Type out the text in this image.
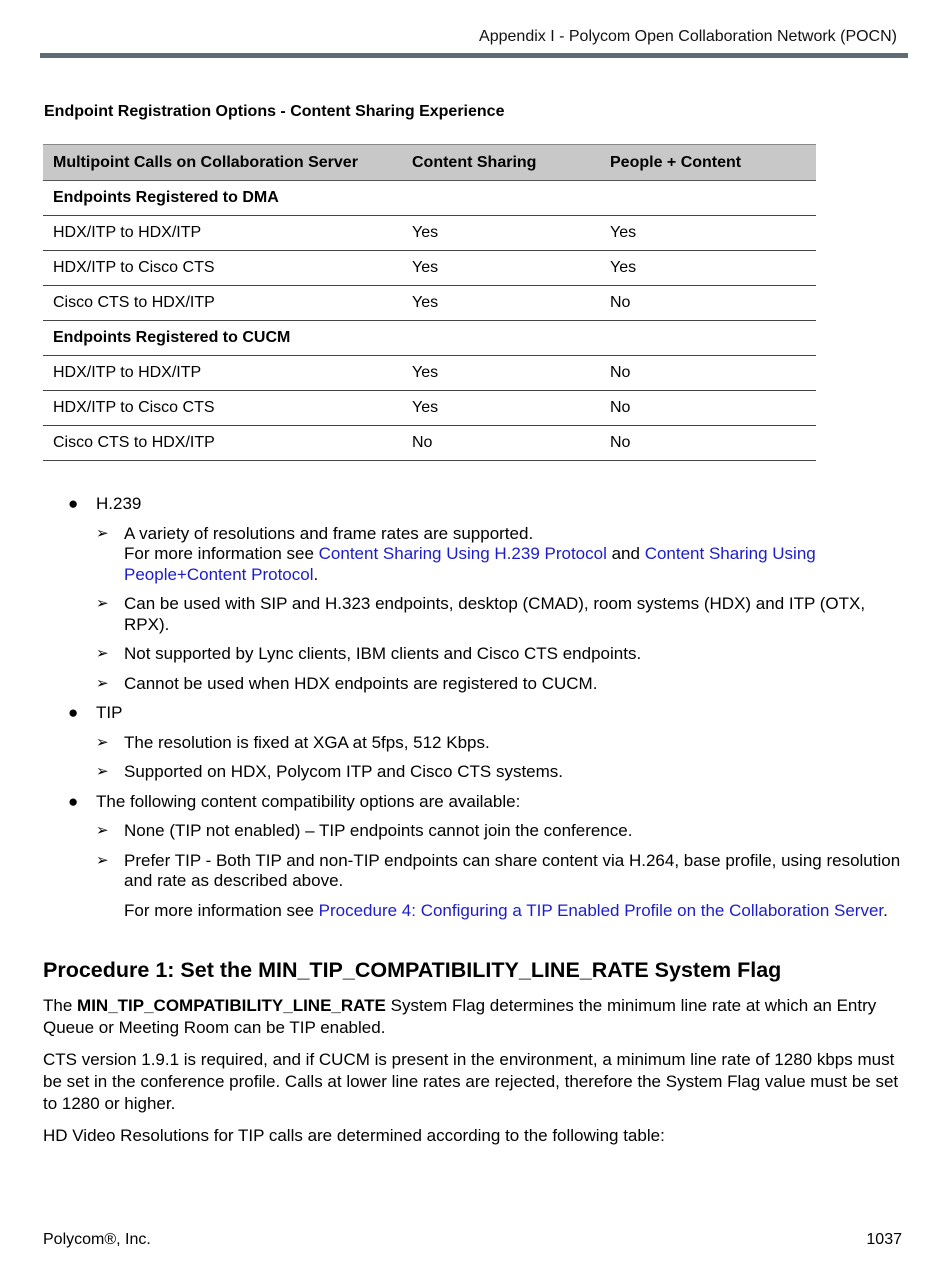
Appendix I - Polycom Open Collaboration Network (POCN)
Endpoint Registration Options - Content Sharing Experience
Multipoint Calls on Collaboration Server	Content Sharing	People + Content
Endpoints Registered to DMA		
HDX/ITP to HDX/ITP	Yes	Yes
HDX/ITP to Cisco CTS	Yes	Yes
Cisco CTS to HDX/ITP	Yes	No
Endpoints Registered to CUCM		
HDX/ITP to HDX/ITP	Yes	No
HDX/ITP to Cisco CTS	Yes	No
Cisco CTS to HDX/ITP	No	No
● H.239
➢ A variety of resolutions and frame rates are supported.
For more information see Content Sharing Using H.239 Protocol and Content Sharing Using People+Content Protocol.
➢ Can be used with SIP and H.323 endpoints, desktop (CMAD), room systems (HDX) and ITP (OTX, RPX).
➢ Not supported by Lync clients, IBM clients and Cisco CTS endpoints.
➢ Cannot be used when HDX endpoints are registered to CUCM.
● TIP
➢ The resolution is fixed at XGA at 5fps, 512 Kbps.
➢ Supported on HDX, Polycom ITP and Cisco CTS systems.
● The following content compatibility options are available:
➢ None (TIP not enabled) – TIP endpoints cannot join the conference.
➢ Prefer TIP - Both TIP and non-TIP endpoints can share content via H.264, base profile, using resolution and rate as described above.
For more information see Procedure 4: Configuring a TIP Enabled Profile on the Collaboration Server.
Procedure 1: Set the MIN_TIP_COMPATIBILITY_LINE_RATE System Flag

The MIN_TIP_COMPATIBILITY_LINE_RATE System Flag determines the minimum line rate at which an Entry Queue or Meeting Room can be TIP enabled.

CTS version 1.9.1 is required, and if CUCM is present in the environment, a minimum line rate of 1280 kbps must be set in the conference profile. Calls at lower line rates are rejected, therefore the System Flag value must be set to 1280 or higher.

HD Video Resolutions for TIP calls are determined according to the following table:

Polycom®, Inc.	1037
